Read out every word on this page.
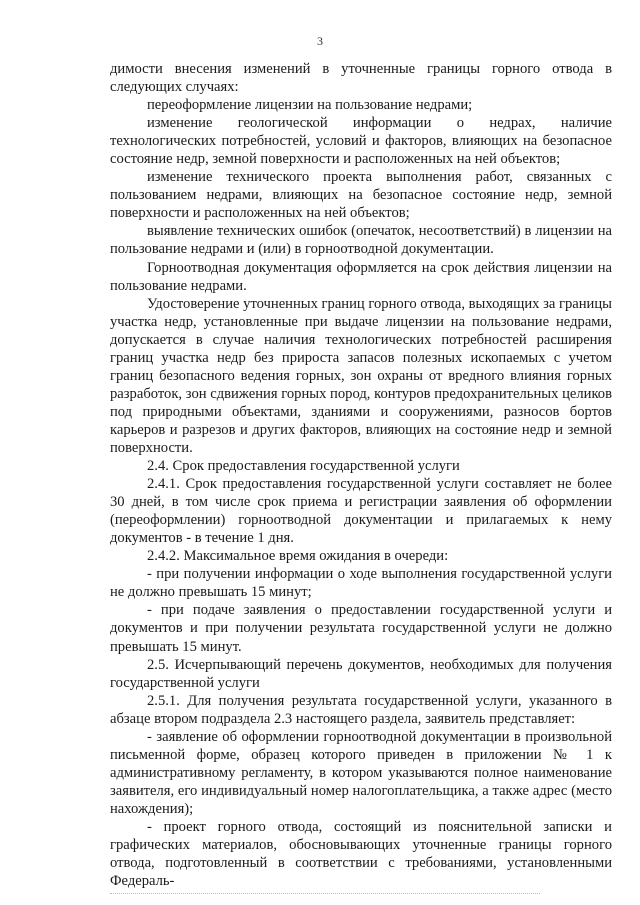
3

димости внесения изменений в уточненные границы горного отвода в следующих случаях:

переоформление лицензии на пользование недрами;

изменение геологической информации о недрах, наличие технологических потребностей, условий и факторов, влияющих на безопасное состояние недр, земной поверхности и расположенных на ней объектов;

изменение технического проекта выполнения работ, связанных с пользованием недрами, влияющих на безопасное состояние недр, земной поверхности и расположенных на ней объектов;

выявление технических ошибок (опечаток, несоответствий) в лицензии на пользование недрами и (или) в горноотводной документации.

Горноотводная документация оформляется на срок действия лицензии на пользование недрами.

Удостоверение уточненных границ горного отвода, выходящих за границы участка недр, установленные при выдаче лицензии на пользование недрами, допускается в случае наличия технологических потребностей расширения границ участка недр без прироста запасов полезных ископаемых с учетом границ безопасного ведения горных, зон охраны от вредного влияния горных разработок, зон сдвижения горных пород, контуров предохранительных целиков под природными объектами, зданиями и сооружениями, разносов бортов карьеров и разрезов и других факторов, влияющих на состояние недр и земной поверхности.

2.4. Срок предоставления государственной услуги

2.4.1. Срок предоставления государственной услуги составляет не более 30 дней, в том числе срок приема и регистрации заявления об оформлении (переоформлении) горноотводной документации и прилагаемых к нему документов - в течение 1 дня.

2.4.2. Максимальное время ожидания в очереди:

- при получении информации о ходе выполнения государственной услуги не должно превышать 15 минут;

- при подаче заявления о предоставлении государственной услуги и документов и при получении результата государственной услуги не должно превышать 15 минут.

2.5. Исчерпывающий перечень документов, необходимых для получения государственной услуги

2.5.1. Для получения результата государственной услуги, указанного в абзаце втором подраздела 2.3 настоящего раздела, заявитель представляет:

- заявление об оформлении горноотводной документации в произвольной письменной форме, образец которого приведен в приложении № 1 к административному регламенту, в котором указываются полное наименование заявителя, его индивидуальный номер налогоплательщика, а также адрес (место нахождения);

- проект горного отвода, состоящий из пояснительной записки и графических материалов, обосновывающих уточненные границы горного отвода, подготовленный в соответствии с требованиями, установленными Федераль-
